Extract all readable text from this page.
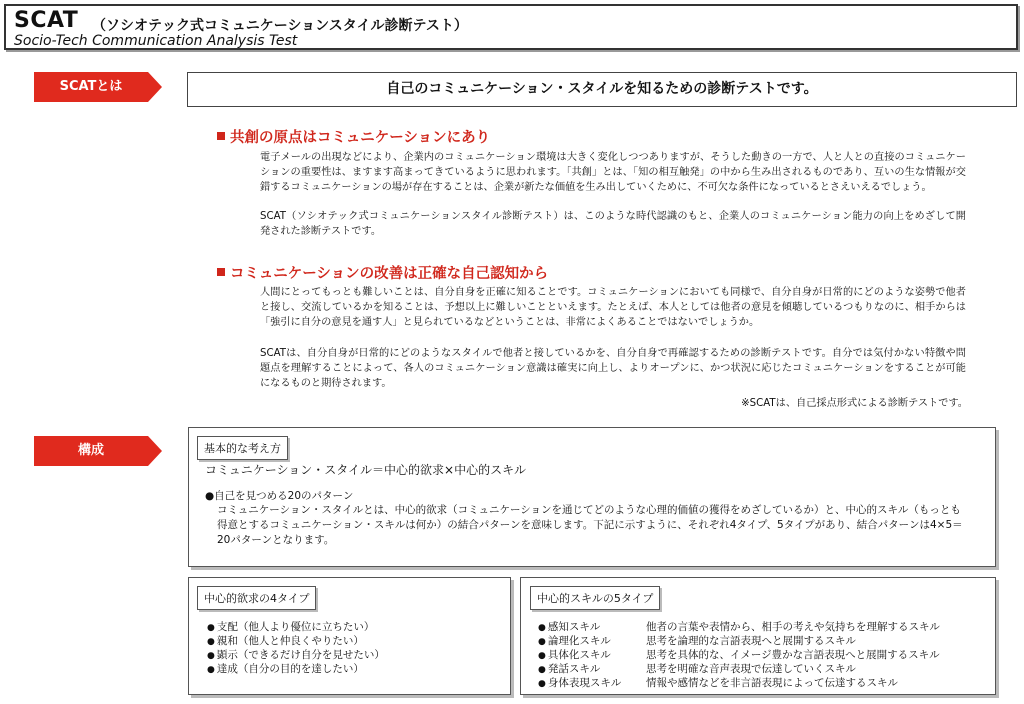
SCAT （ソシオテック式コミュニケーションスタイル診断テスト）
Socio-Tech Communication Analysis Test
SCATとは	自己のコミュニケーション・スタイルを知るための診断テストです。
共創の原点はコミュニケーションにあり

電子メールの出現などにより、企業内のコミュニケーション環境は大きく変化しつつありますが、そうした動きの一方で、人と人との直接のコミュニケーションの重要性は、ますます高まってきているように思われます。「共創」とは、「知の相互触発」の中から生み出されるものであり、互いの生な情報が交錯するコミュニケーションの場が存在することは、企業が新たな価値を生み出していくために、不可欠な条件になっているとさえいえるでしょう。

SCAT（ソシオテック式コミュニケーションスタイル診断テスト）は、このような時代認識のもと、企業人のコミュニケーション能力の向上をめざして開発された診断テストです。

コミュニケーションの改善は正確な自己認知から

人間にとってもっとも難しいことは、自分自身を正確に知ることです。コミュニケーションにおいても同様で、自分自身が日常的にどのような姿勢で他者と接し、交流しているかを知ることは、予想以上に難しいことといえます。たとえば、本人としては他者の意見を傾聴しているつもりなのに、相手からは「強引に自分の意見を通す人」と見られているなどということは、非常によくあることではないでしょうか。

SCATは、自分自身が日常的にどのようなスタイルで他者と接しているかを、自分自身で再確認するための診断テストです。自分では気付かない特徴や問題点を理解することによって、各人のコミュニケーション意識は確実に向上し、よりオープンに、かつ状況に応じたコミュニケーションをすることが可能になるものと期待されます。

※SCATは、自己採点形式による診断テストです。
構成	基本的な考え方
コミュニケーション・スタイル＝中心的欲求×中心的スキル
●自己を見つめる20のパターン

コミュニケーション・スタイルとは、中心的欲求（コミュニケーションを通じてどのような心理的価値の獲得をめざしているか）と、中心的スキル（もっとも得意とするコミュニケーション・スキルは何か）の結合パターンを意味します。下記に示すように、それぞれ4タイプ、5タイプがあり、結合パターンは4×5＝20パターンとなります。

中心的欲求の4タイプ
● 支配（他人より優位に立ちたい）
● 親和（他人と仲良くやりたい）
● 顕示（できるだけ自分を見せたい）
● 達成（自分の目的を達したい）
中心的スキルの5タイプ
● 感知スキル	他者の言葉や表情から、相手の考えや気持ちを理解するスキル
● 論理化スキル	思考を論理的な言語表現へと展開するスキル
● 具体化スキル	思考を具体的な、イメージ豊かな言語表現へと展開するスキル
● 発話スキル	思考を明確な音声表現で伝達していくスキル
● 身体表現スキル	情報や感情などを非言語表現によって伝達するスキル
